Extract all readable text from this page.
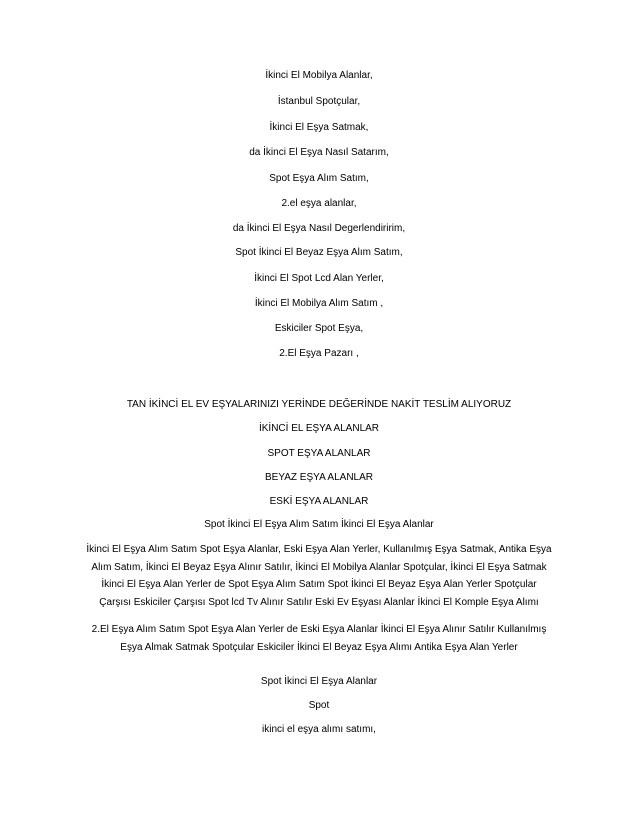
İkinci El Mobilya Alanlar,
İstanbul Spotçular,
İkinci El Eşya Satmak,
da İkinci El Eşya Nasıl Satarım,
Spot Eşya Alım Satım,
2.el eşya alanlar,
da İkinci El Eşya Nasıl Degerlendiririm,
Spot İkinci El Beyaz Eşya Alım Satım,
İkinci El Spot Lcd Alan Yerler,
İkinci El Mobilya Alım Satım ,
Eskiciler Spot Eşya,
2.El Eşya Pazarı ,
TAN İKİNCİ EL EV EŞYALARINIZI YERİNDE DEĞERİNDE NAKİT TESLİM ALIYORUZ
İKİNCİ EL EŞYA ALANLAR
SPOT EŞYA ALANLAR
BEYAZ EŞYA ALANLAR
ESKİ EŞYA ALANLAR
Spot İkinci El Eşya Alım Satım İkinci El Eşya Alanlar
İkinci El Eşya Alım Satım Spot Eşya Alanlar, Eski Eşya Alan Yerler, Kullanılmış Eşya Satmak, Antika Eşya Alım Satım, İkinci El Beyaz Eşya Alınır Satılır, İkinci El Mobilya Alanlar Spotçular, İkinci El Eşya Satmak İkinci El Eşya Alan Yerler de Spot Eşya Alım Satım Spot İkinci El Beyaz Eşya Alan Yerler Spotçular Çarşısı Eskiciler Çarşısı Spot lcd Tv Alınır Satılır Eski Ev Eşyası Alanlar İkinci El Komple Eşya Alımı
2.El Eşya Alım Satım Spot Eşya Alan Yerler de Eski Eşya Alanlar İkinci El Eşya Alınır Satılır Kullanılmış Eşya Almak Satmak Spotçular Eskiciler İkinci El Beyaz Eşya Alımı Antika Eşya Alan Yerler
Spot İkinci El Eşya Alanlar
Spot
ikinci el eşya alımı satımı,
